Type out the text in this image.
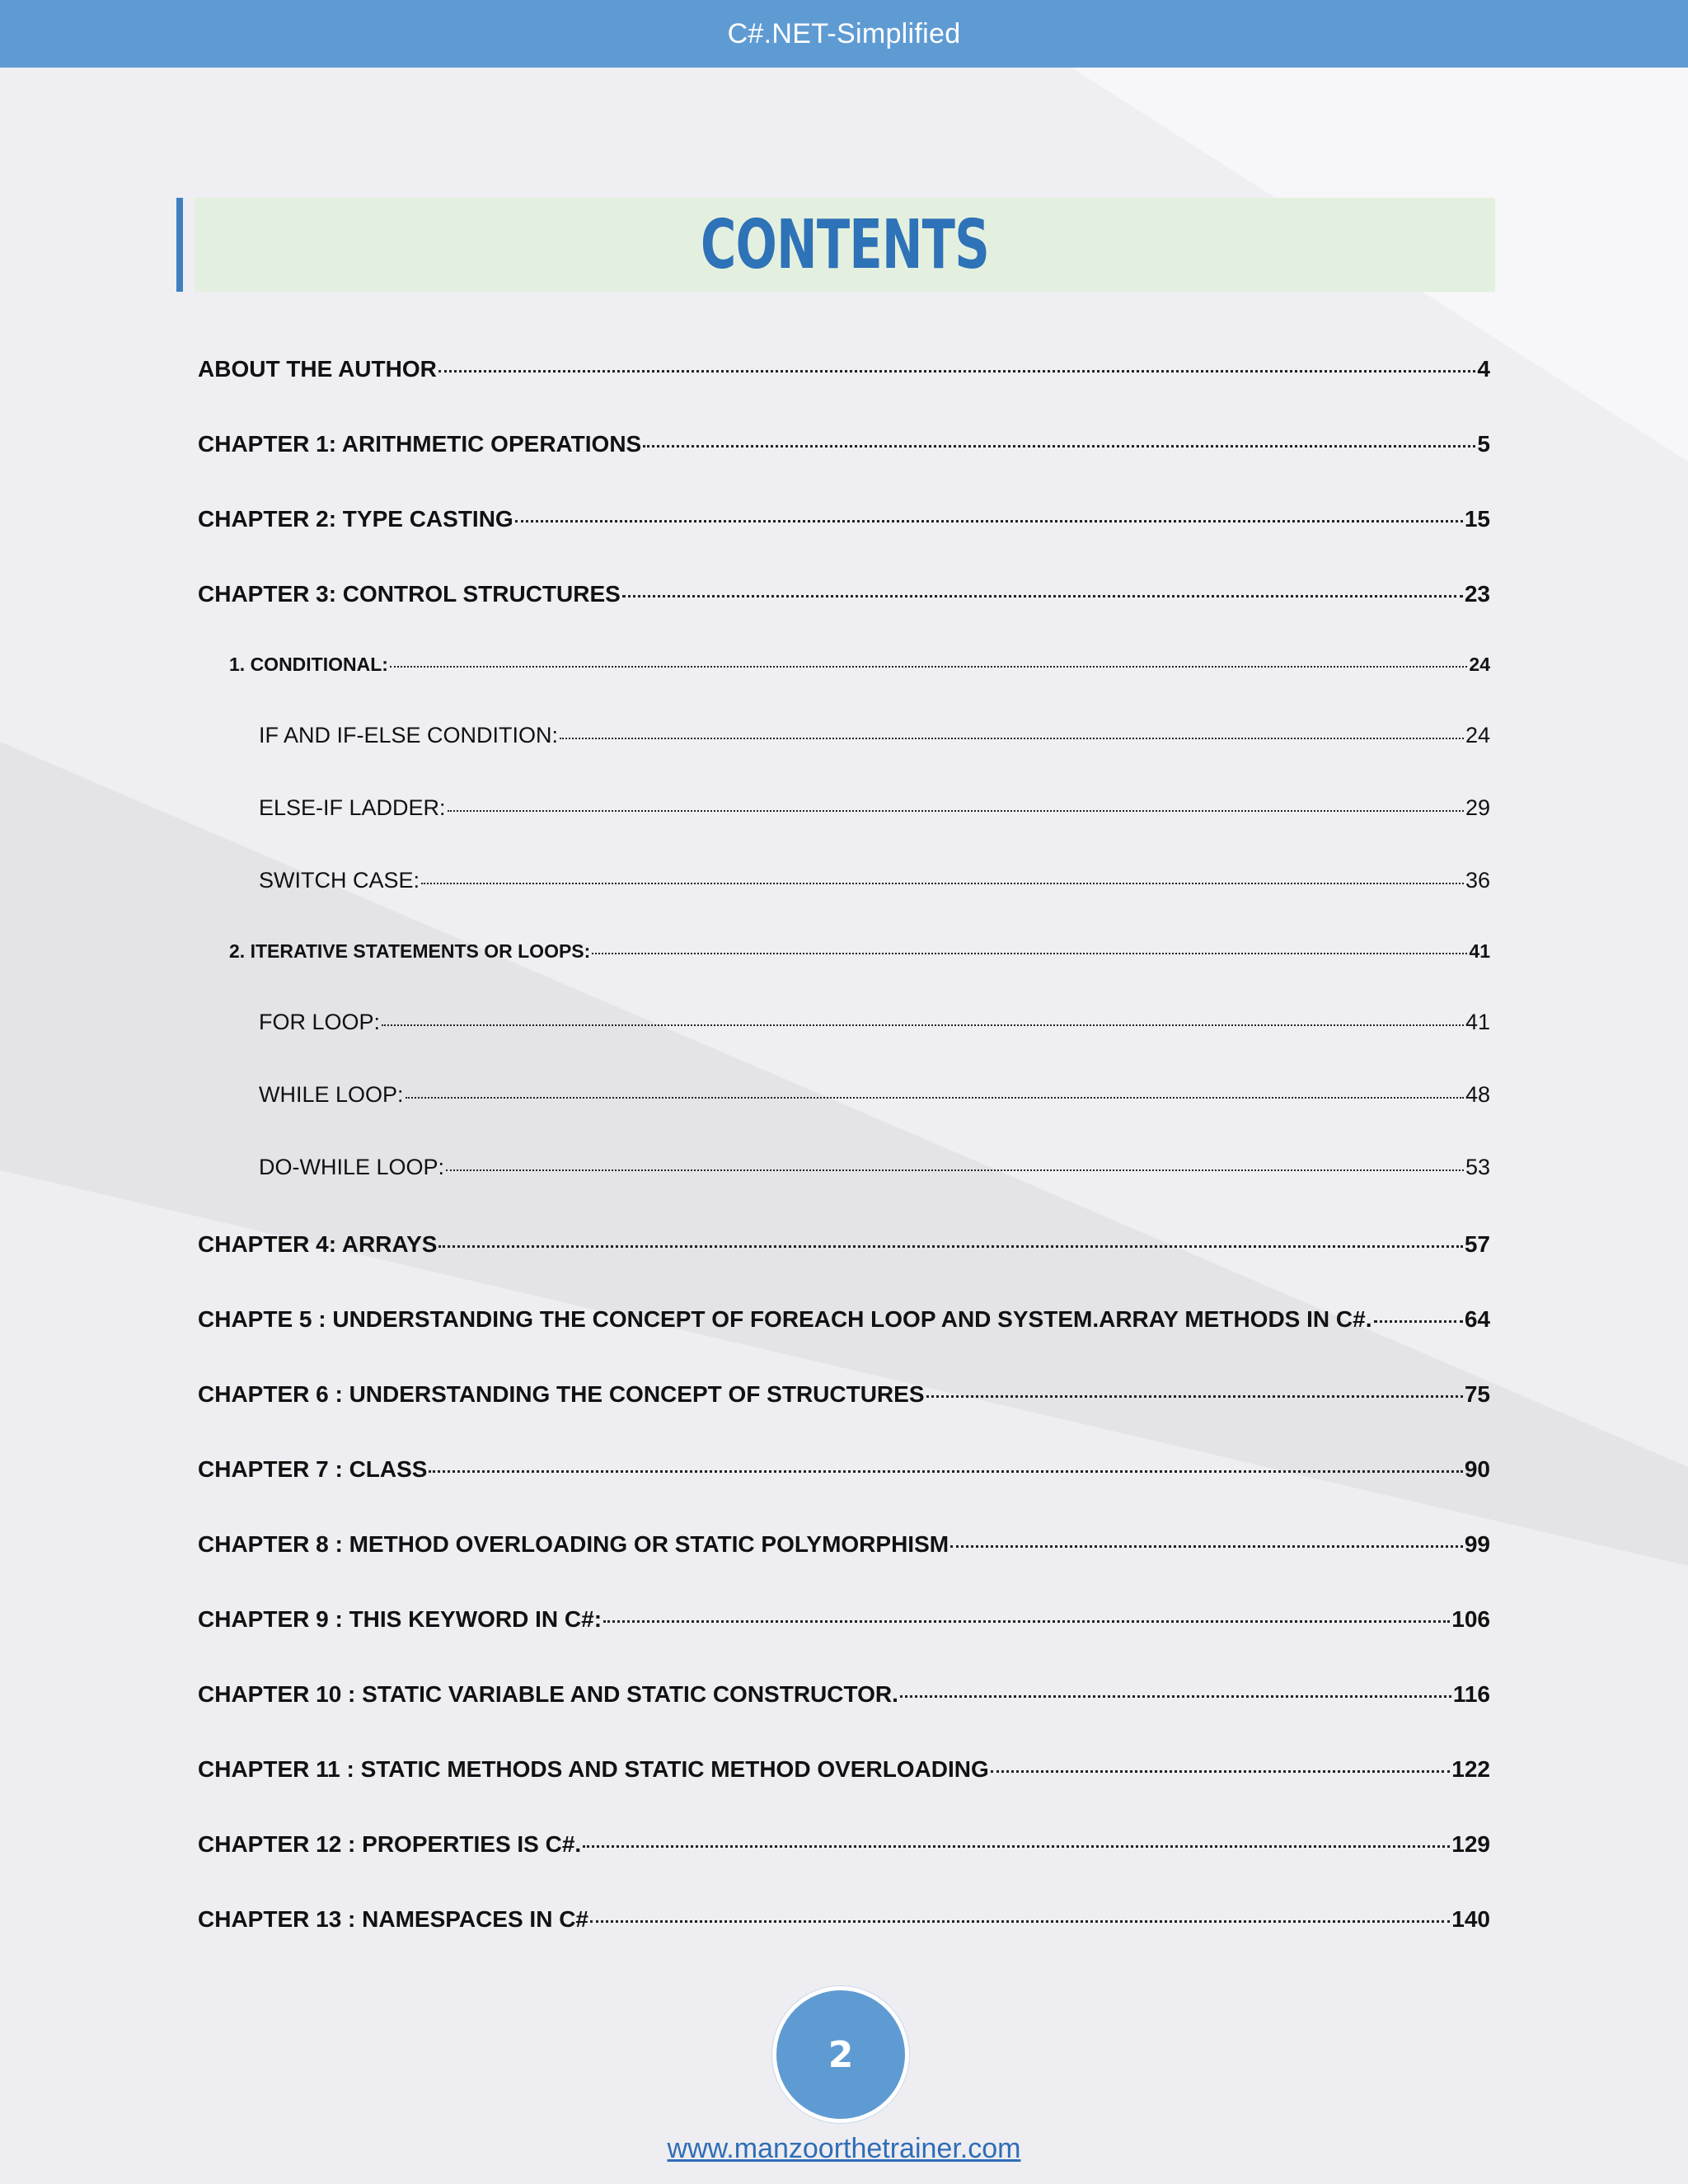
C#.NET-Simplified
CONTENTS
ABOUT THE AUTHOR	4
CHAPTER 1: ARITHMETIC OPERATIONS	5
CHAPTER 2: TYPE CASTING	15
CHAPTER 3: CONTROL STRUCTURES	23
1. CONDITIONAL:	24
IF AND IF-ELSE CONDITION:	24
ELSE-IF LADDER:	29
SWITCH CASE:	36
2. ITERATIVE STATEMENTS OR LOOPS:	41
FOR LOOP:	41
WHILE LOOP:	48
DO-WHILE LOOP:	53
CHAPTER 4: ARRAYS	57
CHAPTE 5 : UNDERSTANDING THE CONCEPT OF FOREACH LOOP AND SYSTEM.ARRAY METHODS IN C#.	64
CHAPTER 6 : UNDERSTANDING THE CONCEPT OF STRUCTURES	75
CHAPTER 7 : CLASS	90
CHAPTER 8 : METHOD OVERLOADING OR STATIC POLYMORPHISM	99
CHAPTER 9 : THIS KEYWORD IN C#:	106
CHAPTER 10 : STATIC VARIABLE AND STATIC CONSTRUCTOR.	116
CHAPTER 11 : STATIC METHODS AND STATIC METHOD OVERLOADING	122
CHAPTER 12 : PROPERTIES IS C#.	129
CHAPTER 13 : NAMESPACES IN C#	140
2
www.manzoorthetrainer.com
